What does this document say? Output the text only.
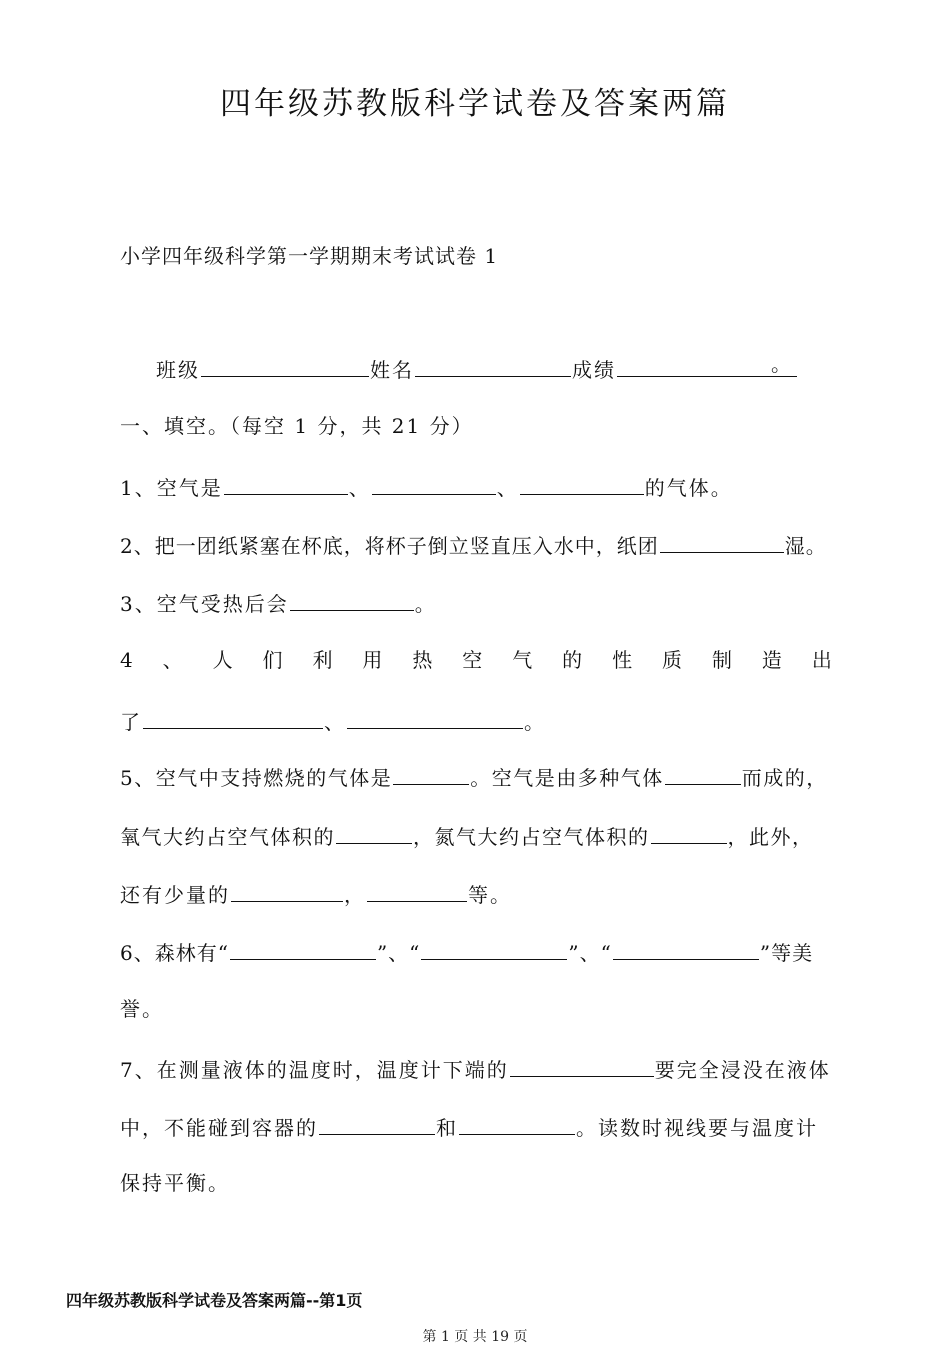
四年级苏教版科学试卷及答案两篇
小学四年级科学第一学期期末考试试卷 1
班级	姓名	成绩	。
一、填空。（每空 1 分，共 21 分）
1、空气是	、	、	的气体。
2、把一团纸紧塞在杯底，将杯子倒立竖直压入水中，纸团	湿。
3、空气受热后会	。
4 、 人 们 利 用 热 空 气 的 性 质 制 造 出
了	、	。
5、空气中支持燃烧的气体是	。空气是由多种气体	而成的，
氧气大约占空气体积的	，氮气大约占空气体积的	，此外，
还有少量的	，	等。
6、森林有“	”、“	”、“	”等美
誉。
7、在测量液体的温度时，温度计下端的	要完全浸没在液体
中，不能碰到容器的	和	。读数时视线要与温度计
保持平衡。
四年级苏教版科学试卷及答案两篇--第1页
第 1 页 共 19 页
